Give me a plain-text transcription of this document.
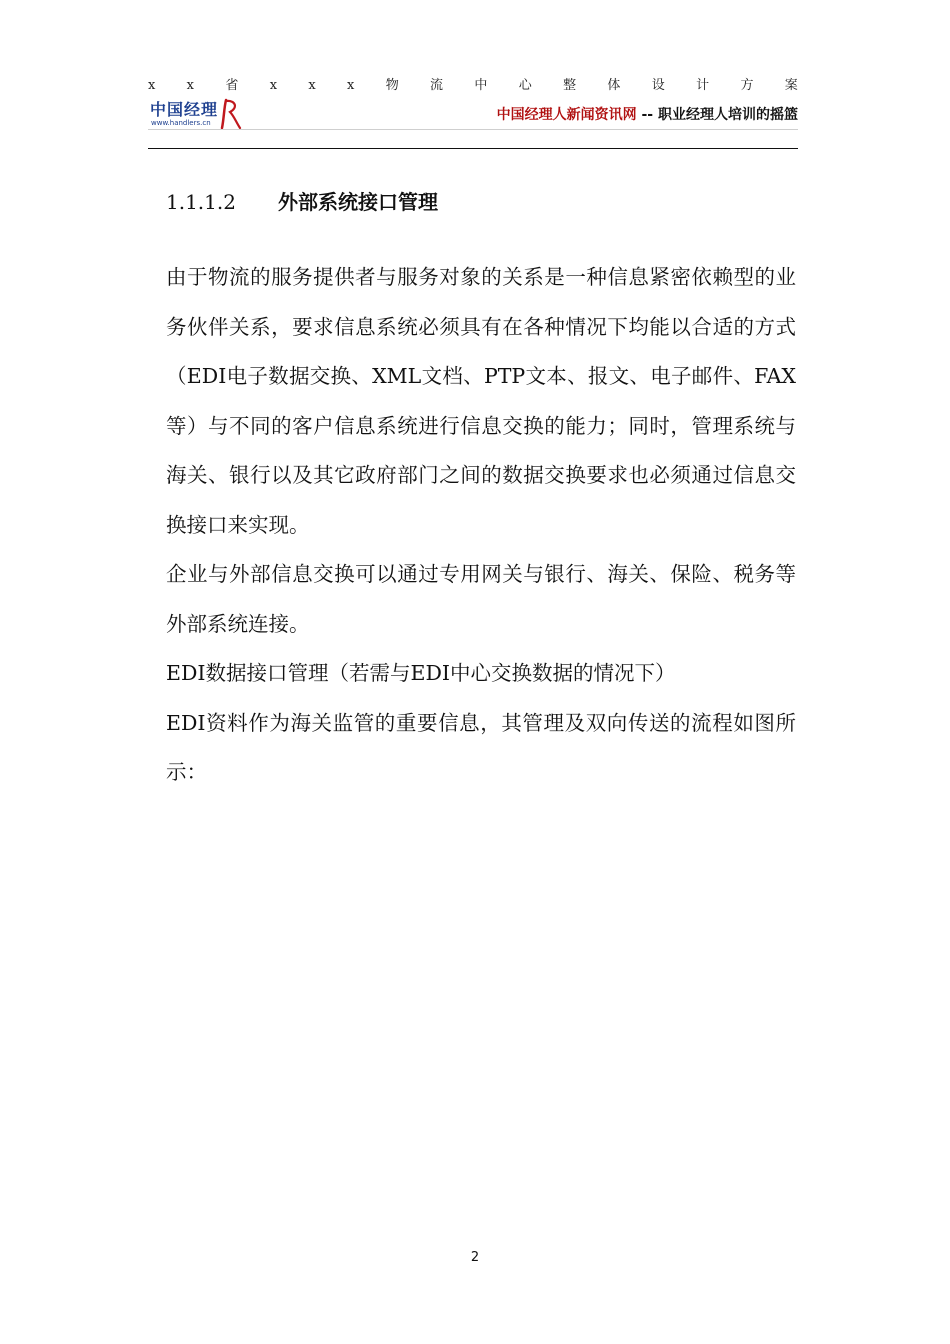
x x 省 x x x 物 流 中 心 整 体 设 计 方 案
中国经理
www.handlers.cn	中国经理人新闻资讯网 -- 职业经理人培训的摇篮
1.1.1.2 外部系统接口管理

由于物流的服务提供者与服务对象的关系是一种信息紧密依赖型的业务伙伴关系，要求信息系统必须具有在各种情况下均能以合适的方式（EDI电子数据交换、XML文档、PTP文本、报文、电子邮件、FAX等）与不同的客户信息系统进行信息交换的能力；同时，管理系统与海关、银行以及其它政府部门之间的数据交换要求也必须通过信息交换接口来实现。

企业与外部信息交换可以通过专用网关与银行、海关、保险、税务等外部系统连接。

EDI数据接口管理（若需与EDI中心交换数据的情况下）

EDI资料作为海关监管的重要信息，其管理及双向传送的流程如图所示：

2
